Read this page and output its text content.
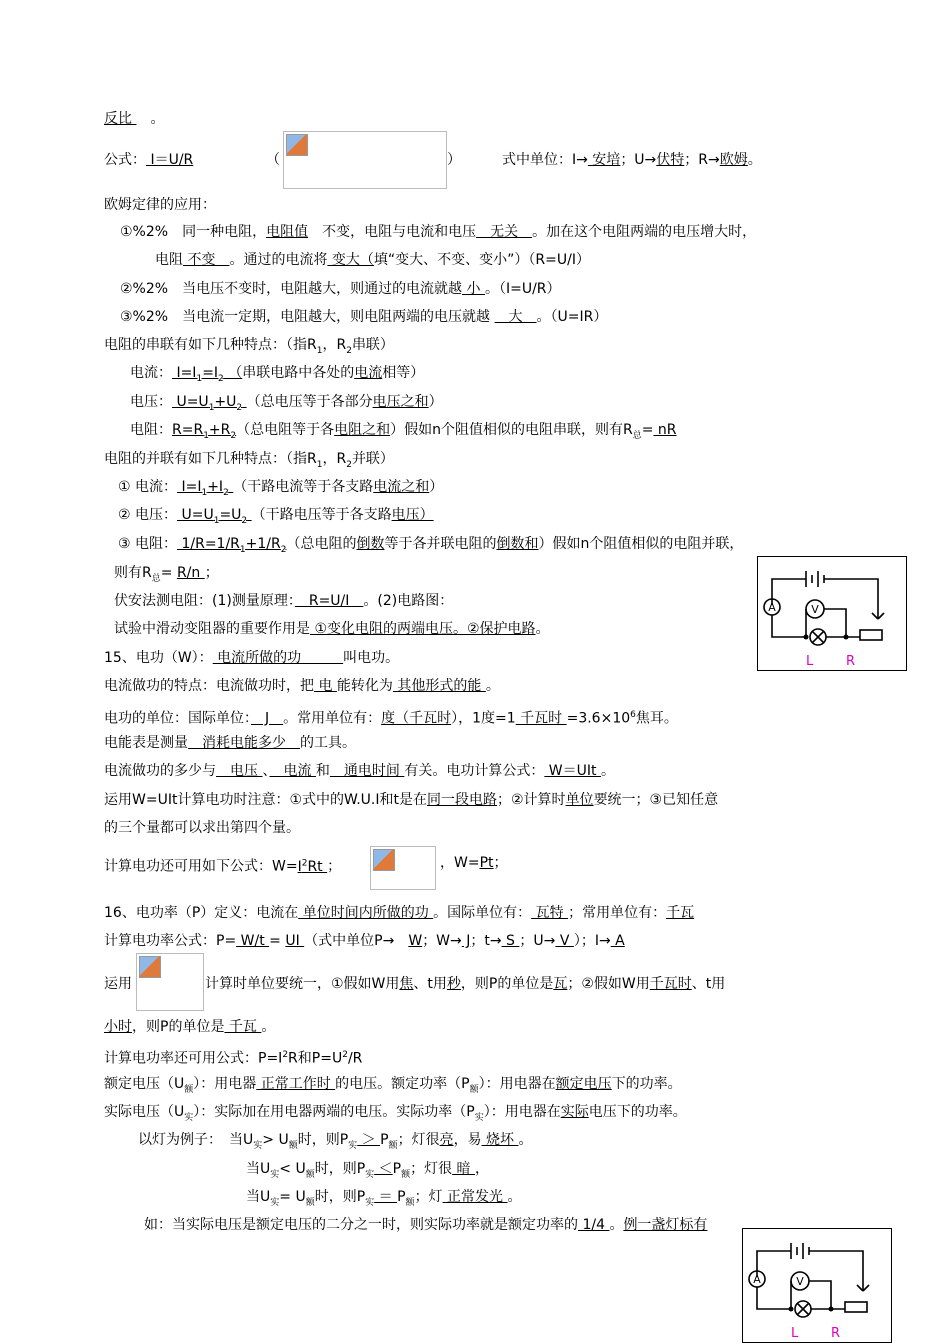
反比 　。
公式： I＝U/R
欧姆定律的应用：
①%2%　同一种电阻，电阻值　不变，电阻与电流和电压　无关　。加在这个电阻两端的电压增大时，
电阻 不变　。通过的电流将 变大（填“变大、不变、变小”）（R=U/I）
②%2%　当电压不变时，电阻越大，则通过的电流就越 小 。（I=U/R）
③%2%　当电流一定期，电阻越大，则电阻两端的电压就越 　大　。（U=IR）
电阻的串联有如下几种特点：（指$R_1$，$R_2$串联）
电流： $I=I_1=I_2$ （串联电路中各处的电流相等）
电压： $U=U_1+U_2$ （总电压等于各部分电压之和）
电阻：$R=R_1+R_2$（总电阻等于各电阻之和）假如n个阻值相似的电阻串联，则有$R_总=$ nR
电阻的并联有如下几种特点：（指$R_1$，$R_2$并联）
① 电流： $I=I_1+I_2$ （干路电流等于各支路电流之和）
② 电压： $U=U_1=U_2$ （干路电压等于各支路电压）
③ 电阻： $1/R=1/R_1+1/R_2$（总电阻的倒数等于各并联电阻的倒数和）假如n个阻值相似的电阻并联，
则有$R_总= R/n$ ；
伏安法测电阻：(1)测量原理：　R=U/I　。(2)电路图：
试验中滑动变阻器的重要作用是 ①变化电阻的两端电压。②保护电路。
15、电功（W）： 电流所做的功　　　叫电功。
电流做功的特点：电流做功时，把 电 能转化为 其他形式的能 。
电功的单位：国际单位：　J　。常用单位有：度（千瓦时），1度=1 千瓦时 $=3.6\times 10^6$焦耳。
电能表是测量　消耗电能多少　的工具。
电流做功的多少与　电压 、　电流 和　通电时间 有关。电功计算公式： W＝UIt 。
运用W=UIt计算电功时注意：①式中的W.U.I和t是在同一段电路；②计算时单位要统一；③已知任意
的三个量都可以求出第四个量。
计算电功还可用如下公式：$W=I^2Rt$ ；
16、电功率（P）定义：电流在 单位时间内所做的功 。国际单位有： 瓦特 ；常用单位有：千瓦
计算电功率公式：P= W/t = UI （式中单位P→　W；W→ J；t→ S ；U→ V ）；I→ A
运用
小时，则P的单位是 千瓦 。
计算电功率还可用公式：$P=I^2R$和$P=U^2/R$
额定电压$(U_额)$：用电器 正常工作时 的电压。额定功率$(P_额)$：用电器在额定电压下的功率。
实际电压$(U_实)$：实际加在用电器两端的电压。实际功率$(P_实)$：用电器在实际电压下的功率。
以灯为例子：　当$U_实> U_额$时，则$P_实 > P_额$；灯很亮，易 烧坏 。
当$U_实< U_额$时，则$P_实 <P_额$；灯很 暗 ，
当$U_实= U_额$时，则$P_实 = P_额$；灯 正常发光 。
如：当实际电压是额定电压的二分之一时，则实际功率就是额定功率的 1/4 。例一盏灯标有
（	）	式中单位：I→ 安培；U→伏特；R→欧姆。
，W=Pt；
计算时单位要统一，①假如W用焦、t用秒，则P的单位是瓦；②假如W用千瓦时、t用
A	V
L	R
A	V
L	R
